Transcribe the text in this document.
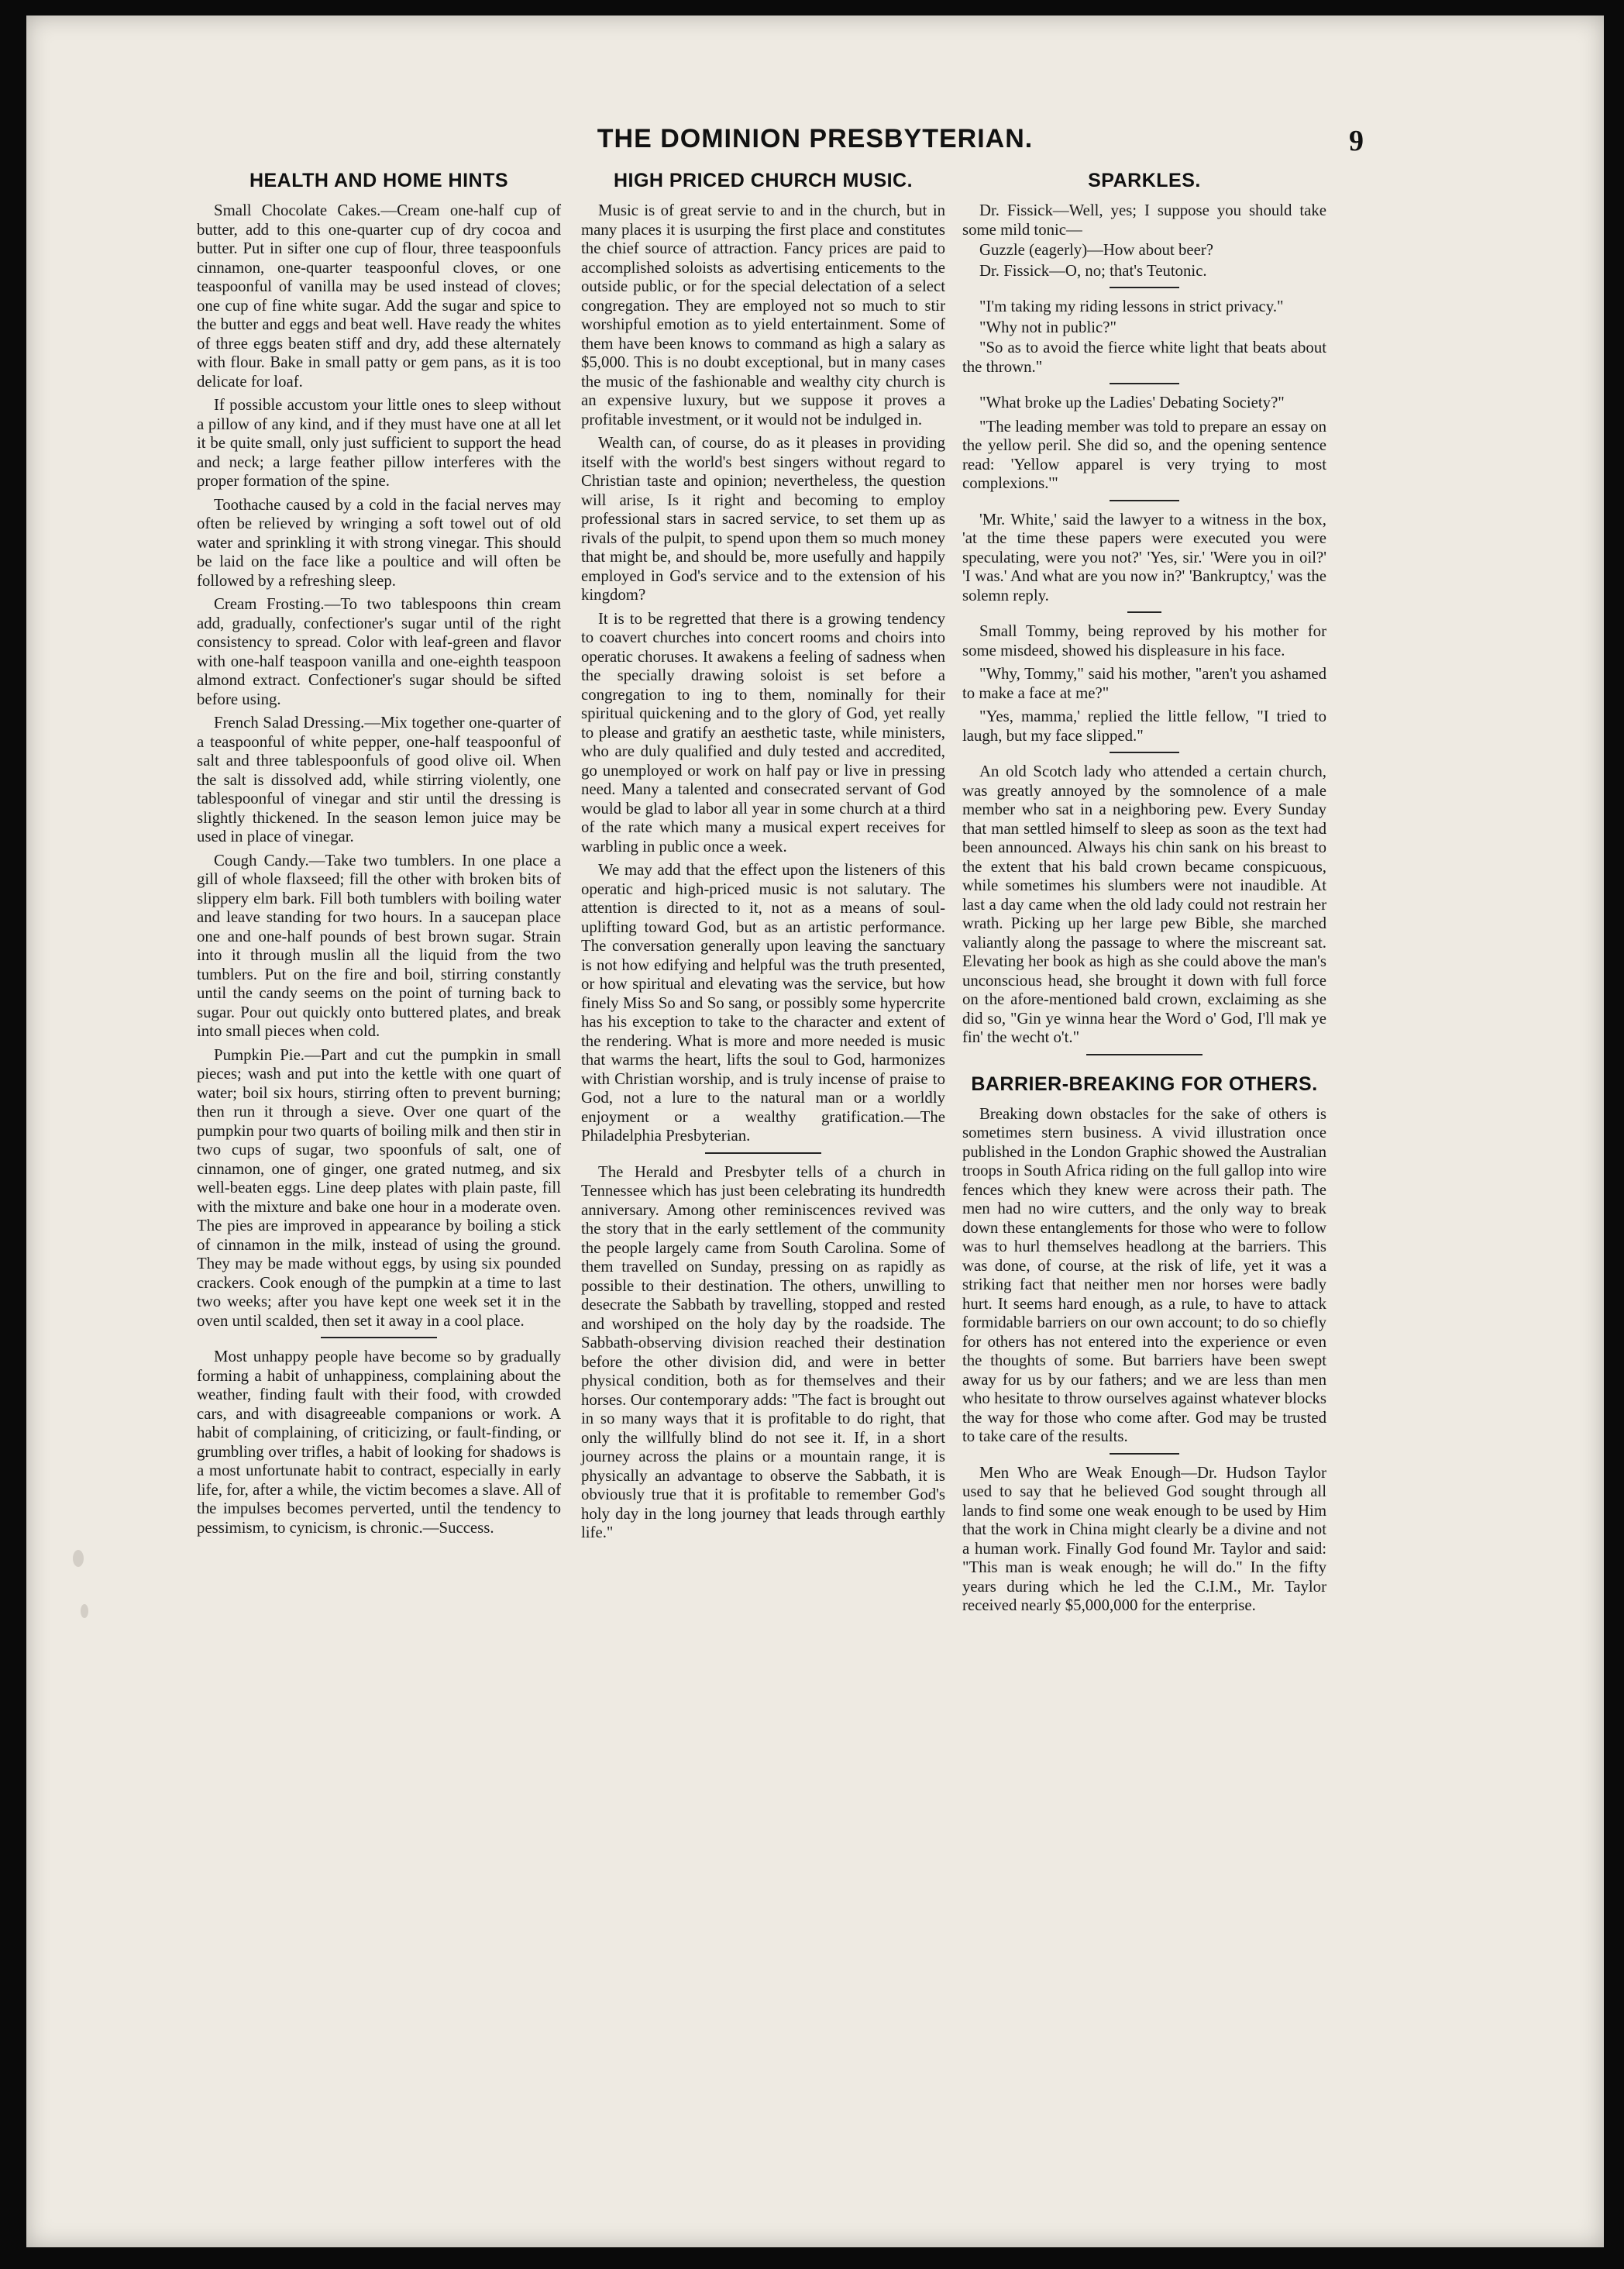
THE DOMINION PRESBYTERIAN.	9
HEALTH AND HOME HINTS

Small Chocolate Cakes.—Cream one-half cup of butter, add to this one-quarter cup of dry cocoa and butter. Put in sifter one cup of flour, three teaspoonfuls cinnamon, one-quarter teaspoonful cloves, or one teaspoonful of vanilla may be used instead of cloves; one cup of fine white sugar. Add the sugar and spice to the butter and eggs and beat well. Have ready the whites of three eggs beaten stiff and dry, add these alternately with flour. Bake in small patty or gem pans, as it is too delicate for loaf.

If possible accustom your little ones to sleep without a pillow of any kind, and if they must have one at all let it be quite small, only just sufficient to support the head and neck; a large feather pillow interferes with the proper formation of the spine.

Toothache caused by a cold in the facial nerves may often be relieved by wringing a soft towel out of old water and sprinkling it with strong vinegar. This should be laid on the face like a poultice and will often be followed by a refreshing sleep.

Cream Frosting.—To two tablespoons thin cream add, gradually, confectioner's sugar until of the right consistency to spread. Color with leaf-green and flavor with one-half teaspoon vanilla and one-eighth teaspoon almond extract. Confectioner's sugar should be sifted before using.

French Salad Dressing.—Mix together one-quarter of a teaspoonful of white pepper, one-half teaspoonful of salt and three tablespoonfuls of good olive oil. When the salt is dissolved add, while stirring violently, one tablespoonful of vinegar and stir until the dressing is slightly thickened. In the season lemon juice may be used in place of vinegar.

Cough Candy.—Take two tumblers. In one place a gill of whole flaxseed; fill the other with broken bits of slippery elm bark. Fill both tumblers with boiling water and leave standing for two hours. In a saucepan place one and one-half pounds of best brown sugar. Strain into it through muslin all the liquid from the two tumblers. Put on the fire and boil, stirring constantly until the candy seems on the point of turning back to sugar. Pour out quickly onto buttered plates, and break into small pieces when cold.

Pumpkin Pie.—Part and cut the pumpkin in small pieces; wash and put into the kettle with one quart of water; boil six hours, stirring often to prevent burning; then run it through a sieve. Over one quart of the pumpkin pour two quarts of boiling milk and then stir in two cups of sugar, two spoonfuls of salt, one of cinnamon, one of ginger, one grated nutmeg, and six well-beaten eggs. Line deep plates with plain paste, fill with the mixture and bake one hour in a moderate oven. The pies are improved in appearance by boiling a stick of cinnamon in the milk, instead of using the ground. They may be made without eggs, by using six pounded crackers. Cook enough of the pumpkin at a time to last two weeks; after you have kept one week set it in the oven until scalded, then set it away in a cool place.

Most unhappy people have become so by gradually forming a habit of unhappiness, complaining about the weather, finding fault with their food, with crowded cars, and with disagreeable companions or work. A habit of complaining, of criticizing, or fault-finding, or grumbling over trifles, a habit of looking for shadows is a most unfortunate habit to contract, especially in early life, for, after a while, the victim becomes a slave. All of the impulses becomes perverted, until the tendency to pessimism, to cynicism, is chronic.—Success.

HIGH PRICED CHURCH MUSIC.

Music is of great servie to and in the church, but in many places it is usurping the first place and constitutes the chief source of attraction. Fancy prices are paid to accomplished soloists as advertising enticements to the outside public, or for the special delectation of a select congregation. They are employed not so much to stir worshipful emotion as to yield entertainment. Some of them have been knows to command as high a salary as $5,000. This is no doubt exceptional, but in many cases the music of the fashionable and wealthy city church is an expensive luxury, but we suppose it proves a profitable investment, or it would not be indulged in.

Wealth can, of course, do as it pleases in providing itself with the world's best singers without regard to Christian taste and opinion; nevertheless, the question will arise, Is it right and becoming to employ professional stars in sacred service, to set them up as rivals of the pulpit, to spend upon them so much money that might be, and should be, more usefully and happily employed in God's service and to the extension of his kingdom?

It is to be regretted that there is a growing tendency to coavert churches into concert rooms and choirs into operatic choruses. It awakens a feeling of sadness when the specially drawing soloist is set before a congregation to ing to them, nominally for their spiritual quickening and to the glory of God, yet really to please and gratify an aesthetic taste, while ministers, who are duly qualified and duly tested and accredited, go unemployed or work on half pay or live in pressing need. Many a talented and consecrated servant of God would be glad to labor all year in some church at a third of the rate which many a musical expert receives for warbling in public once a week.

We may add that the effect upon the listeners of this operatic and high-priced music is not salutary. The attention is directed to it, not as a means of soul-uplifting toward God, but as an artistic performance. The conversation generally upon leaving the sanctuary is not how edifying and helpful was the truth presented, or how spiritual and elevating was the service, but how finely Miss So and So sang, or possibly some hypercrite has his exception to take to the character and extent of the rendering. What is more and more needed is music that warms the heart, lifts the soul to God, harmonizes with Christian worship, and is truly incense of praise to God, not a lure to the natural man or a worldly enjoyment or a wealthy gratification.—The Philadelphia Presbyterian.

The Herald and Presbyter tells of a church in Tennessee which has just been celebrating its hundredth anniversary. Among other reminiscences revived was the story that in the early settlement of the community the people largely came from South Carolina. Some of them travelled on Sunday, pressing on as rapidly as possible to their destination. The others, unwilling to desecrate the Sabbath by travelling, stopped and rested and worshiped on the holy day by the roadside. The Sabbath-observing division reached their destination before the other division did, and were in better physical condition, both as for themselves and their horses. Our contemporary adds: "The fact is brought out in so many ways that it is profitable to do right, that only the willfully blind do not see it. If, in a short journey across the plains or a mountain range, it is physically an advantage to observe the Sabbath, it is obviously true that it is profitable to remember God's holy day in the long journey that leads through earthly life."

SPARKLES.

Dr. Fissick—Well, yes; I suppose you should take some mild tonic—

Guzzle (eagerly)—How about beer?

Dr. Fissick—O, no; that's Teutonic.

"I'm taking my riding lessons in strict privacy."

"Why not in public?"

"So as to avoid the fierce white light that beats about the thrown."

"What broke up the Ladies' Debating Society?"

"The leading member was told to prepare an essay on the yellow peril. She did so, and the opening sentence read: 'Yellow apparel is very trying to most complexions.'"

'Mr. White,' said the lawyer to a witness in the box, 'at the time these papers were executed you were speculating, were you not?' 'Yes, sir.' 'Were you in oil?' 'I was.' And what are you now in?' 'Bankruptcy,' was the solemn reply.

Small Tommy, being reproved by his mother for some misdeed, showed his displeasure in his face.

"Why, Tommy," said his mother, "aren't you ashamed to make a face at me?"

"Yes, mamma,' replied the little fellow, "I tried to laugh, but my face slipped."

An old Scotch lady who attended a certain church, was greatly annoyed by the somnolence of a male member who sat in a neighboring pew. Every Sunday that man settled himself to sleep as soon as the text had been announced. Always his chin sank on his breast to the extent that his bald crown became conspicuous, while sometimes his slumbers were not inaudible. At last a day came when the old lady could not restrain her wrath. Picking up her large pew Bible, she marched valiantly along the passage to where the miscreant sat. Elevating her book as high as she could above the man's unconscious head, she brought it down with full force on the afore-mentioned bald crown, exclaiming as she did so, "Gin ye winna hear the Word o' God, I'll mak ye fin' the wecht o't."

BARRIER-BREAKING FOR OTHERS.

Breaking down obstacles for the sake of others is sometimes stern business. A vivid illustration once published in the London Graphic showed the Australian troops in South Africa riding on the full gallop into wire fences which they knew were across their path. The men had no wire cutters, and the only way to break down these entanglements for those who were to follow was to hurl themselves headlong at the barriers. This was done, of course, at the risk of life, yet it was a striking fact that neither men nor horses were badly hurt. It seems hard enough, as a rule, to have to attack formidable barriers on our own account; to do so chiefly for others has not entered into the experience or even the thoughts of some. But barriers have been swept away for us by our fathers; and we are less than men who hesitate to throw ourselves against whatever blocks the way for those who come after. God may be trusted to take care of the results.

Men Who are Weak Enough—Dr. Hudson Taylor used to say that he believed God sought through all lands to find some one weak enough to be used by Him that the work in China might clearly be a divine and not a human work. Finally God found Mr. Taylor and said: "This man is weak enough; he will do." In the fifty years during which he led the C.I.M., Mr. Taylor received nearly $5,000,000 for the enterprise.
